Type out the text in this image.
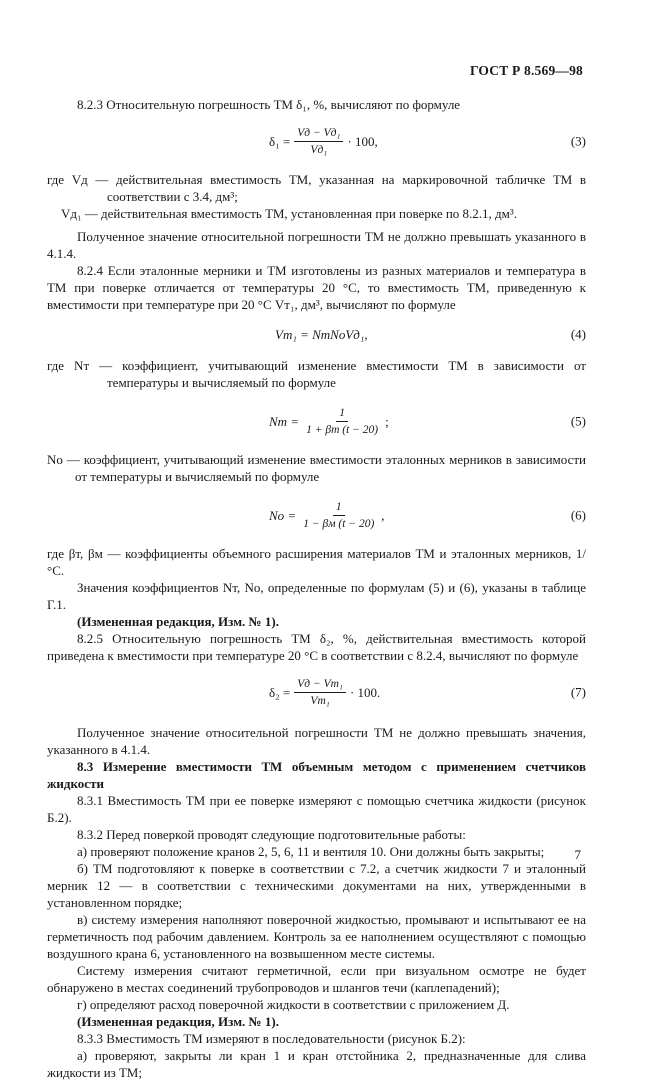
ГОСТ Р 8.569—98

8.2.3 Относительную погрешность ТМ δ₁, %, вычисляют по формуле

$\delta_1 = \frac{\text{Vд − Vд₁}}{\text{Vд₁}} \cdot 100$,	(3)

где Vд — действительная вместимость ТМ, указанная на маркировочной табличке ТМ в соответствии с 3.4, дм³;

Vд₁ — действительная вместимость ТМ, установленная при поверке по 8.2.1, дм³.

Полученное значение относительной погрешности ТМ не должно превышать указанного в 4.1.4.

8.2.4 Если эталонные мерники и ТМ изготовлены из разных материалов и температура в ТМ при поверке отличается от температуры 20 °С, то вместимость ТМ, приведенную к вместимости при температуре при 20 °С Vт₁, дм³, вычисляют по формуле

Vт₁ = NтNoVд₁,	(4)

где Nт — коэффициент, учитывающий изменение вместимости ТМ в зависимости от температуры и вычисляемый по формуле

Nт = $\frac{1}{1 + \beta т (t - 20)}$ ;	(5)

No — коэффициент, учитывающий изменение вместимости эталонных мерников в зависимости от температуры и вычисляемый по формуле

$No = \frac{1}{1 - \beta м (t - 20)}$ ,	(6)

где βт, βм — коэффициенты объемного расширения материалов ТМ и эталонных мерников, 1/°С.

Значения коэффициентов Nт, No, определенные по формулам (5) и (6), указаны в таблице Г.1.

(Измененная редакция, Изм. № 1).

8.2.5 Относительную погрешность ТМ δ₂, %, действительная вместимость которой приведена к вместимости при температуре 20 °С в соответствии с 8.2.4, вычисляют по формуле

$\delta_2 = \frac{\text{Vд − Vт₁}}{\text{Vт₁}} \cdot 100$.	(7)

Полученное значение относительной погрешности ТМ не должно превышать значения, указанного в 4.1.4.

8.3 Измерение вместимости ТМ объемным методом с применением счетчиков жидкости

8.3.1 Вместимость ТМ при ее поверке измеряют с помощью счетчика жидкости (рисунок Б.2).

8.3.2 Перед поверкой проводят следующие подготовительные работы:

а) проверяют положение кранов 2, 5, 6, 11 и вентиля 10. Они должны быть закрыты;

б) ТМ подготовляют к поверке в соответствии с 7.2, а счетчик жидкости 7 и эталонный мерник 12 — в соответствии с техническими документами на них, утвержденными в установленном порядке;

в) систему измерения наполняют поверочной жидкостью, промывают и испытывают ее на герметичность под рабочим давлением. Контроль за ее наполнением осуществляют с помощью воздушного крана 6, установленного на возвышенном месте системы.

Систему измерения считают герметичной, если при визуальном осмотре не будет обнаружено в местах соединений трубопроводов и шлангов течи (каплепадений);

г) определяют расход поверочной жидкости в соответствии с приложением Д.

(Измененная редакция, Изм. № 1).

8.3.3 Вместимость ТМ измеряют в последовательности (рисунок Б.2):

а) проверяют, закрыты ли кран 1 и кран отстойника 2, предназначенные для слива жидкости из ТМ;

7
